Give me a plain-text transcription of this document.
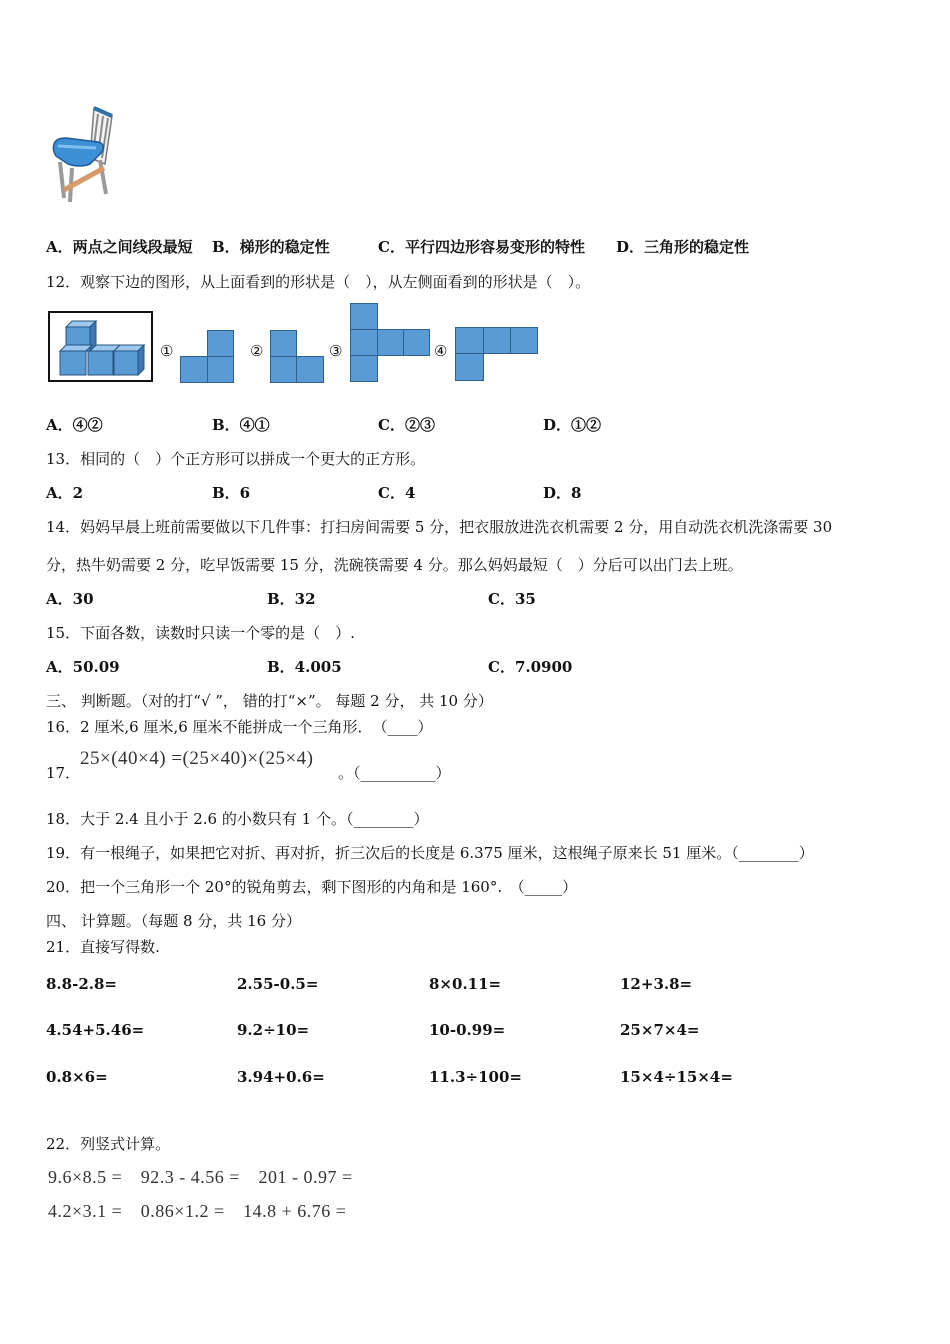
A．两点之间线段最短 B．梯形的稳定性	C．平行四边形容易变形的特性 D．三角形的稳定性
12．观察下边的图形，从上面看到的形状是（　），从左侧面看到的形状是（　）。
①	②	③	④
A．④②	B．④①	C．②③	D．①②
13．相同的（　）个正方形可以拼成一个更大的正方形。
A．2	B．6	C．4	D．8
14．妈妈早晨上班前需要做以下几件事：打扫房间需要 5 分，把衣服放进洗衣机需要 2 分，用自动洗衣机洗涤需要 30
分，热牛奶需要 2 分，吃早饭需要 15 分，洗碗筷需要 4 分。那么妈妈最短（　）分后可以出门去上班。
A．30	B．32	C．35
15．下面各数，读数时只读一个零的是（　）.
A．50.09	B．4.005	C．7.0900
三、 判断题。（对的打“√ ”， 错的打“×”。 每题 2 分， 共 10 分）
16．2 厘米,6 厘米,6 厘米不能拼成一个三角形．　（____）
17．
25×(40×4) =(25×40)×(25×4)
。（__________）
18．大于 2.4 且小于 2.6 的小数只有 1 个。（________）
19．有一根绳子，如果把它对折、再对折，折三次后的长度是 6.375 厘米，这根绳子原来长 51 厘米。（________）
20．把一个三角形一个 20°的锐角剪去，剩下图形的内角和是 160°.　（_____）
四、 计算题。（每题 8 分，共 16 分）
21．直接写得数.
8.8-2.8=	2.55-0.5=	8×0.11=	12+3.8=
4.54+5.46=	9.2÷10=	10-0.99=	25×7×4=
0.8×6=	3.94+0.6=	11.3÷100=	15×4÷15×4=
22．列竖式计算。
9.6×8.5 =　92.3 - 4.56 =　201 - 0.97 =
4.2×3.1 =　0.86×1.2 =　14.8 + 6.76 =
